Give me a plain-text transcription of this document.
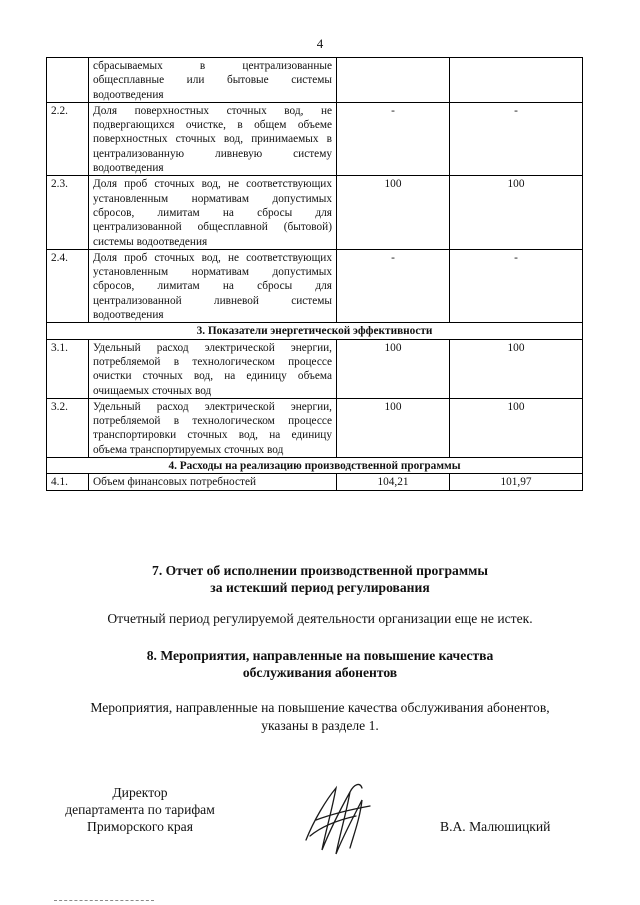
4
	сбрасываемых в централизованные общесплавные или бытовые системы водоотведения		
2.2.	Доля поверхностных сточных вод, не подвергающихся очистке, в общем объеме поверхностных сточных вод, принимаемых в централизованную ливневую систему водоотведения	-	-
2.3.	Доля проб сточных вод, не соответствующих установленным нормативам допустимых сбросов, лимитам на сбросы для централизованной общесплавной (бытовой) системы водоотведения	100	100
2.4.	Доля проб сточных вод, не соответствующих установленным нормативам допустимых сбросов, лимитам на сбросы для централизованной ливневой системы водоотведения	-	-
3. Показатели энергетической эффективности			
3.1.	Удельный расход электрической энергии, потребляемой в технологическом процессе очистки сточных вод, на единицу объема очищаемых сточных вод	100	100
3.2.	Удельный расход электрической энергии, потребляемой в технологическом процессе транспортировки сточных вод, на единицу объема транспортируемых сточных вод	100	100
4. Расходы на реализацию производственной программы			
4.1.	Объем финансовых потребностей	104,21	101,97
7. Отчет об исполнении производственной программы
за истекший период регулирования
Отчетный период регулируемой деятельности организации еще не истек.
8. Мероприятия, направленные на повышение качества
обслуживания абонентов
Мероприятия, направленные на повышение качества обслуживания абонентов,
указаны в разделе 1.
Директор
департамента по тарифам
Приморского края	В.А. Малюшицкий
